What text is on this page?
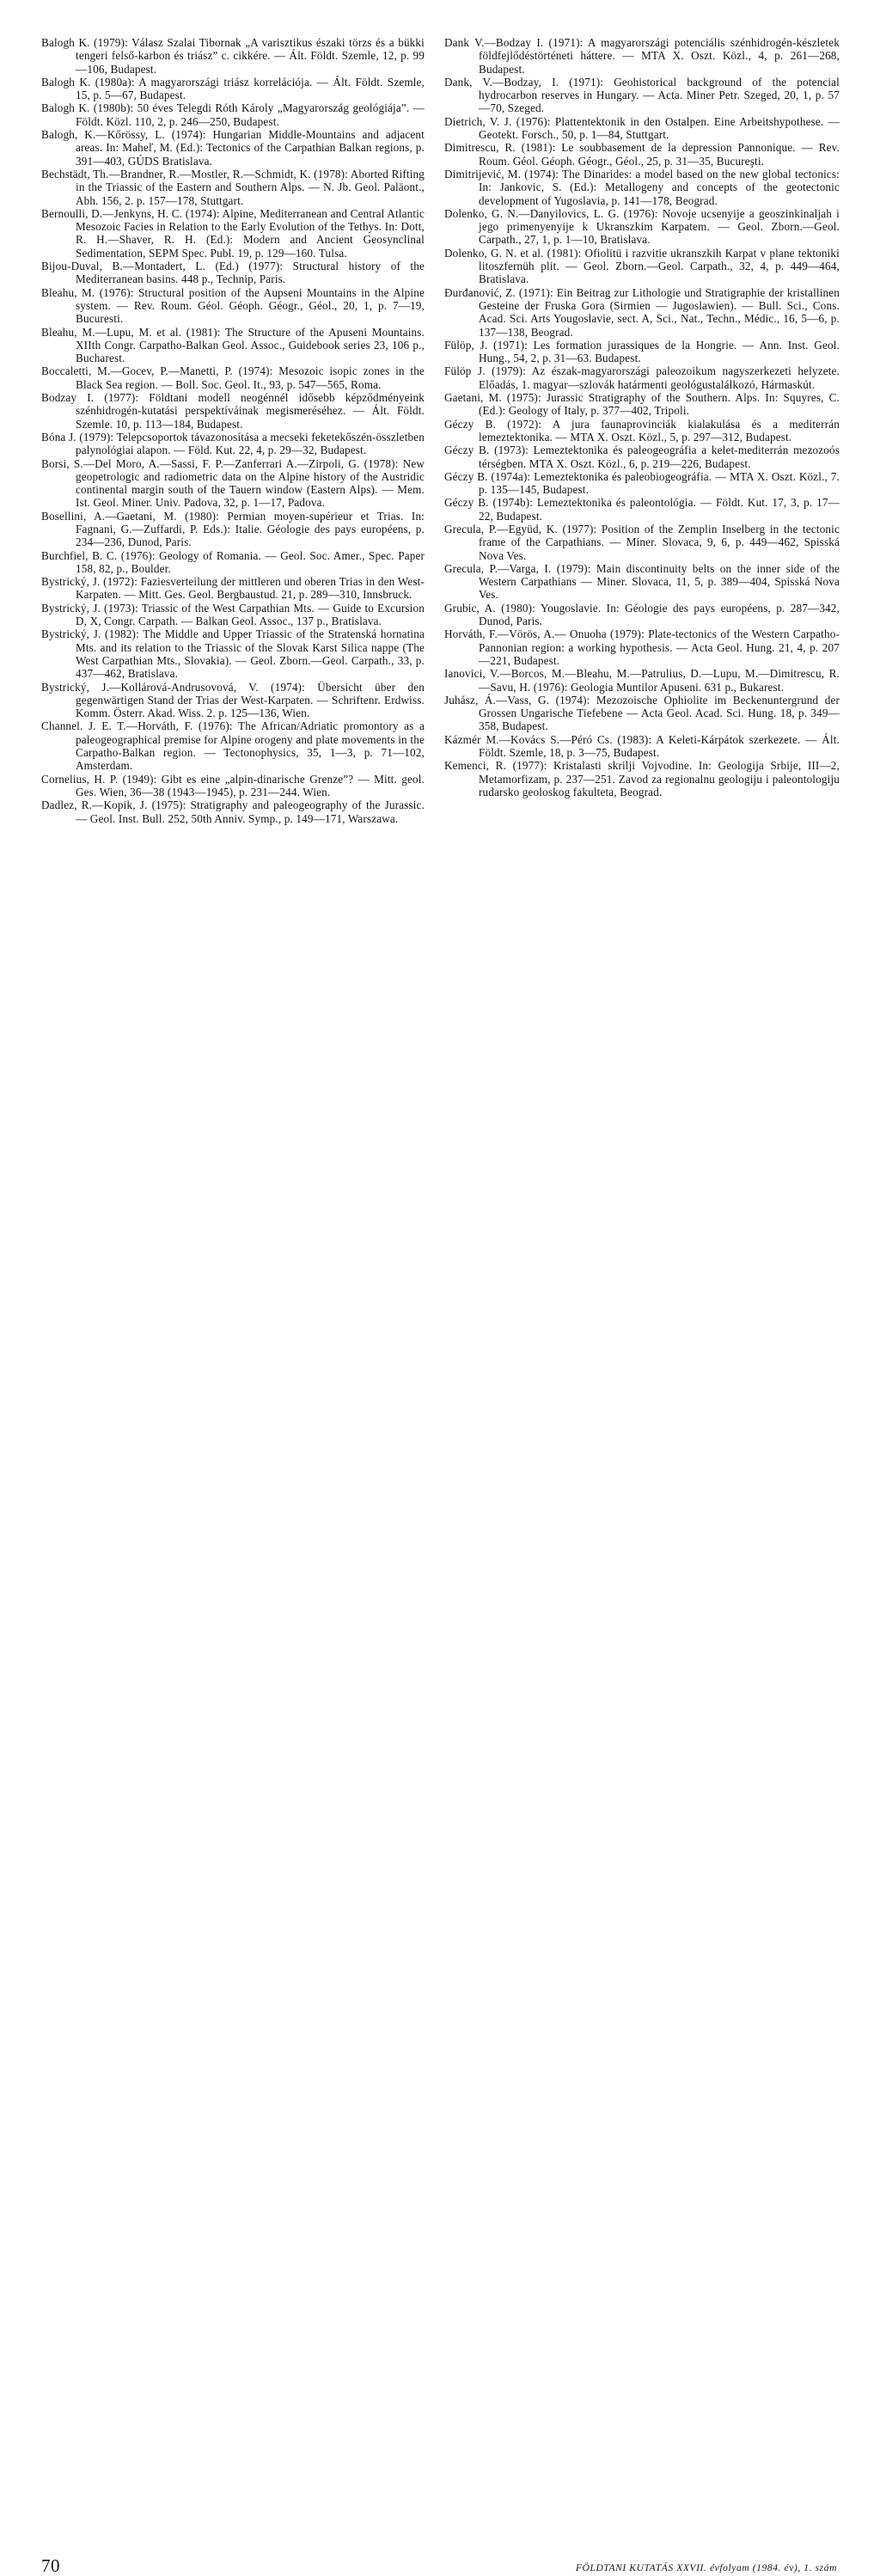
Balogh K. (1979): Válasz Szalai Tibornak „A varisztikus északi törzs és a bükki tengeri felső-karbon és triász” c. cikkére. — Ált. Földt. Szemle, 12, p. 99—106, Budapest.

Balogh K. (1980a): A magyarországi triász korrelációja. — Ált. Földt. Szemle, 15, p. 5—67, Budapest.

Balogh K. (1980b): 50 éves Telegdi Róth Károly „Magyarország geológiája”. — Földt. Közl. 110, 2, p. 246—250, Budapest.

Balogh, K.—Kőrössy, L. (1974): Hungarian Middle-Mountains and adjacent areas. In: Maheľ, M. (Ed.): Tectonics of the Carpathian Balkan regions, p. 391—403, GÚDS Bratislava.

Bechstädt, Th.—Brandner, R.—Mostler, R.—Schmidt, K. (1978): Aborted Rifting in the Triassic of the Eastern and Southern Alps. — N. Jb. Geol. Paläont., Abh. 156, 2. p. 157—178, Stuttgart.

Bernoulli, D.—Jenkyns, H. C. (1974): Alpine, Mediterranean and Central Atlantic Mesozoic Facies in Relation to the Early Evolution of the Tethys. In: Dott, R. H.—Shaver, R. H. (Ed.): Modern and Ancient Geosynclinal Sedimentation, SEPM Spec. Publ. 19, p. 129—160. Tulsa.

Bijou-Duval, B.—Montadert, L. (Ed.) (1977): Structural history of the Mediterranean basins. 448 p., Technip, Paris.

Bleahu, M. (1976): Structural position of the Aupseni Mountains in the Alpine system. — Rev. Roum. Géol. Géoph. Géogr., Géol., 20, 1, p. 7—19, Bucuresti.

Bleahu, M.—Lupu, M. et al. (1981): The Structure of the Apuseni Mountains. XIIth Congr. Carpatho-Balkan Geol. Assoc., Guidebook series 23, 106 p., Bucharest.

Boccaletti, M.—Gocev, P.—Manetti, P. (1974): Mesozoic isopic zones in the Black Sea region. — Boll. Soc. Geol. It., 93, p. 547—565, Roma.

Bodzay I. (1977): Földtani modell neogénnél idősebb képződményeink szénhidrogén-kutatási perspektíváinak megismeréséhez. — Ált. Földt. Szemle. 10, p. 113—184, Budapest.

Bóna J. (1979): Telepcsoportok távazonosítása a mecseki feketekőszén-összletben palynológiai alapon. — Föld. Kut. 22, 4, p. 29—32, Budapest.

Borsi, S.—Del Moro, A.—Sassi, F. P.—Zanferrari A.—Zirpoli, G. (1978): New geopetrologic and radiometric data on the Alpine history of the Austridic continental margin south of the Tauern window (Eastern Alps). — Mem. Ist. Geol. Miner. Univ. Padova, 32, p. 1—17, Padova.

Bosellini, A.—Gaetani, M. (1980): Permian moyen-supérieur et Trias. In: Fagnani, G.—Zuffardi, P. Eds.): Italie. Géologie des pays européens, p. 234—236, Dunod, Paris.

Burchfiel, B. C. (1976): Geology of Romania. — Geol. Soc. Amer., Spec. Paper 158, 82, p., Boulder.

Bystrický, J. (1972): Faziesverteilung der mittleren und oberen Trias in den West-Karpaten. — Mitt. Ges. Geol. Bergbaustud. 21, p. 289—310, Innsbruck.

Bystrický, J. (1973): Triassic of the West Carpathian Mts. — Guide to Excursion D, X, Congr. Carpath. — Balkan Geol. Assoc., 137 p., Bratislava.

Bystrický, J. (1982): The Middle and Upper Triassic of the Stratenská hornatina Mts. and its relation to the Triassic of the Slovak Karst Silica nappe (The West Carpathian Mts., Slovakia). — Geol. Zborn.—Geol. Carpath., 33, p. 437—462, Bratislava.

Bystrický, J.—Kollárová-Andrusovová, V. (1974): Übersicht über den gegenwärtigen Stand der Trias der West-Karpaten. — Schriftenr. Erdwiss. Komm. Österr. Akad. Wiss. 2. p. 125—136, Wien.

Channel. J. E. T.—Horváth, F. (1976): The African/Adriatic promontory as a paleogeographical premise for Alpine orogeny and plate movements in the Carpatho-Balkan region. — Tectonophysics, 35, 1—3, p. 71—102, Amsterdam.

Cornelius, H. P. (1949): Gibt es eine „alpin-dinarische Grenze”? — Mitt. geol. Ges. Wien, 36—38 (1943—1945), p. 231—244. Wien.

Dadlez, R.—Kopik, J. (1975): Stratigraphy and paleogeography of the Jurassic. — Geol. Inst. Bull. 252, 50th Anniv. Symp., p. 149—171, Warszawa.

Dank V.—Bodzay I. (1971): A magyarországi potenciális szénhidrogén-készletek földfejlődéstörténeti háttere. — MTA X. Oszt. Közl., 4, p. 261—268, Budapest.

Dank, V.—Bodzay, I. (1971): Geohistorical background of the potencial hydrocarbon reserves in Hungary. — Acta. Miner Petr. Szeged, 20, 1, p. 57—70, Szeged.

Dietrich, V. J. (1976): Plattentektonik in den Ostalpen. Eine Arbeitshypothese. — Geotekt. Forsch., 50, p. 1—84, Stuttgart.

Dimitrescu, R. (1981): Le soubbasement de la depression Pannonique. — Rev. Roum. Géol. Géoph. Géogr., Géol., 25, p. 31—35, Bucureşti.

Dimitrijević, M. (1974): The Dinarides: a model based on the new global tectonics: In: Jankovic, S. (Ed.): Metallogeny and concepts of the geotectonic development of Yugoslavia, p. 141—178, Beograd.

Dolenko, G. N.—Danyilovics, L. G. (1976): Novoje ucsenyije a geoszinkinaljah i jego primenyenyije k Ukranszkim Karpatem. — Geol. Zborn.—Geol. Carpath., 27, 1, p. 1—10, Bratislava.

Dolenko, G. N. et al. (1981): Ofiolitü i razvitie ukranszkih Karpat v plane tektoniki litoszfernüh plit. — Geol. Zborn.—Geol. Carpath., 32, 4, p. 449—464, Bratislava.

Đurđanović, Z. (1971): Ein Beitrag zur Lithologie und Stratigraphie der kristallinen Gesteine der Fruska Gora (Sirmien — Jugoslawien). — Bull. Sci., Cons. Acad. Sci. Arts Yougoslavie, sect. A, Sci., Nat., Techn., Médic., 16, 5—6, p. 137—138, Beograd.

Fülöp, J. (1971): Les formation jurassiques de la Hongrie. — Ann. Inst. Geol. Hung., 54, 2, p. 31—63. Budapest.

Fülöp J. (1979): Az észak-magyarországi paleozoikum nagyszerkezeti helyzete. Előadás, 1. magyar—szlovák határmenti geológustalálkozó, Hármaskút.

Gaetani, M. (1975): Jurassic Stratigraphy of the Southern. Alps. In: Squyres, C. (Ed.): Geology of Italy, p. 377—402, Tripoli.

Géczy B. (1972): A jura faunaprovinciák kialakulása és a mediterrán lemeztektonika. — MTA X. Oszt. Közl., 5, p. 297—312, Budapest.

Géczy B. (1973): Lemeztektonika és paleogeográfia a kelet-mediterrán mezozoós térségben. MTA X. Oszt. Közl., 6, p. 219—226, Budapest.

Géczy B. (1974a): Lemeztektonika és paleobiogeográfia. — MTA X. Oszt. Közl., 7. p. 135—145, Budapest.

Géczy B. (1974b): Lemeztektonika és paleontológia. — Földt. Kut. 17, 3, p. 17—22, Budapest.

Grecula, P.—Együd, K. (1977): Position of the Zemplin Inselberg in the tectonic frame of the Carpathians. — Miner. Slovaca, 9, 6, p. 449—462, Spisská Nova Ves.

Grecula, P.—Varga, I. (1979): Main discontinuity belts on the inner side of the Western Carpathians — Miner. Slovaca, 11, 5, p. 389—404, Spisská Nova Ves.

Grubic, A. (1980): Yougoslavie. In: Géologie des pays européens, p. 287—342, Dunod, Paris.

Horváth, F.—Vörös, A.— Onuoha (1979): Plate-tectonics of the Western Carpatho-Pannonian region: a working hypothesis. — Acta Geol. Hung. 21, 4, p. 207—221, Budapest.

Ianovici, V.—Borcos, M.—Bleahu, M.—Patrulius, D.—Lupu, M.—Dimitrescu, R.—Savu, H. (1976): Geologia Muntilor Apuseni. 631 p., Bukarest.

Juhász, Á.—Vass, G. (1974): Mezozoische Ophiolite im Beckenuntergrund der Grossen Ungarische Tiefebene — Acta Geol. Acad. Sci. Hung. 18, p. 349—358, Budapest.

Kázmér M.—Kovács S.—Péró Cs. (1983): A Keleti-Kárpátok szerkezete. — Ált. Földt. Szemle, 18, p. 3—75, Budapest.

Kemenci, R. (1977): Kristalasti skrilji Vojvodine. In: Geologija Srbije, III—2, Metamorfizam, p. 237—251. Zavod za regionalnu geologiju i paleontologiju rudarsko geoloskog fakulteta, Beograd.

70	FÖLDTANI KUTATÁS XXVII. évfolyam (1984. év), 1. szám
